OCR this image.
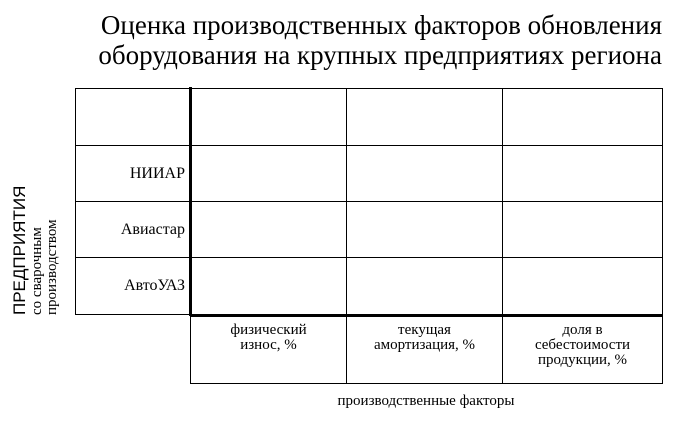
Оценка производственных факторов обновления
оборудования на крупных предприятиях региона
ПРЕДПРИЯТИЯ со сварочным производством

НИИАР			
Авиастар			
АвтоУАЗ			
физический
износ, %

текущая
амортизация, %

доля в
себестоимости
продукции, %
производственные факторы
